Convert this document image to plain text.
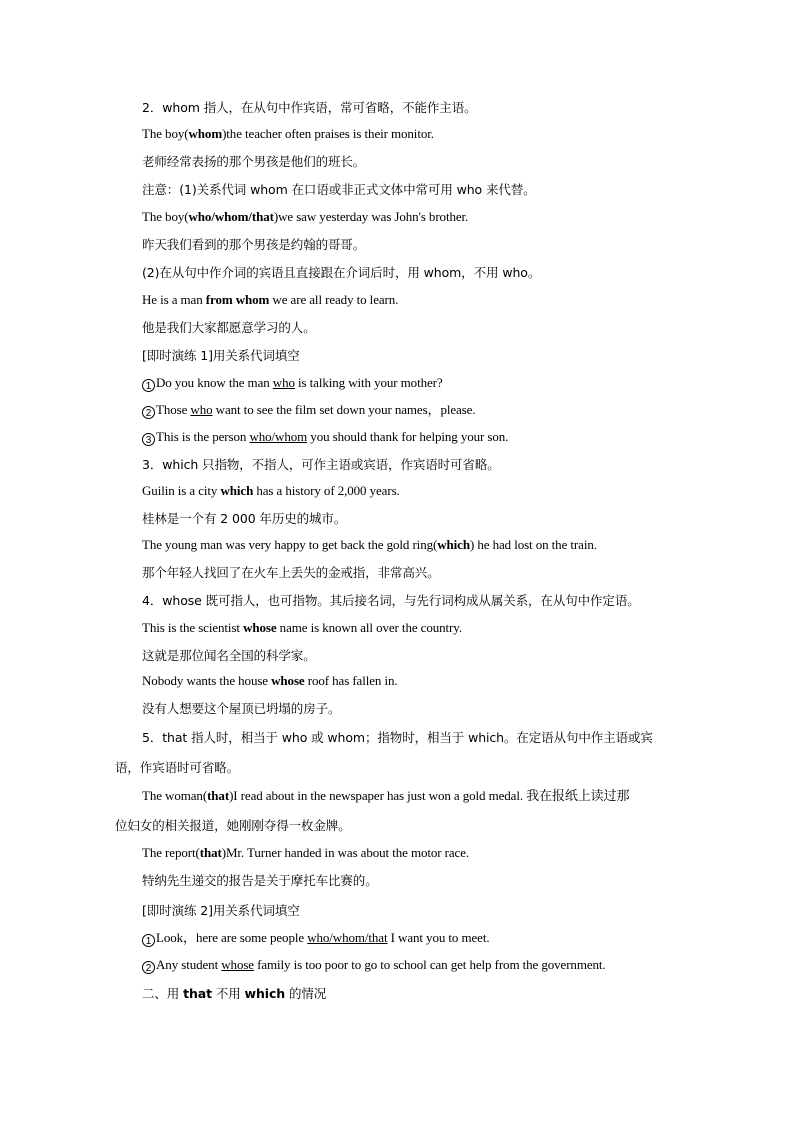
2．whom 指人，在从句中作宾语，常可省略，不能作主语。
The boy(whom)the teacher often praises is their monitor.
老师经常表扬的那个男孩是他们的班长。
注意：(1)关系代词 whom 在口语或非正式文体中常可用 who 来代替。
The boy(who/whom/that)we saw yesterday was John's brother.
昨天我们看到的那个男孩是约翰的哥哥。
(2)在从句中作介词的宾语且直接跟在介词后时，用 whom，不用 who。
He is a man from whom we are all ready to learn.
他是我们大家都愿意学习的人。
[即时演练 1]用关系代词填空
1 Do you know the man who is talking with your mother?
2 Those who want to see the film set down your names，please.
3 This is the person who/whom you should thank for helping your son.
3．which 只指物，不指人，可作主语或宾语，作宾语时可省略。
Guilin is a city which has a history of 2,000 years.
桂林是一个有 2 000 年历史的城市。
The young man was very happy to get back the gold ring(which) he had lost on the train.
那个年轻人找回了在火车上丢失的金戒指，非常高兴。
4．whose 既可指人，也可指物。其后接名词，与先行词构成从属关系，在从句中作定语。
This is the scientist whose name is known all over the country.
这就是那位闻名全国的科学家。
Nobody wants the house whose roof has fallen in.
没有人想要这个屋顶已坍塌的房子。
5．that 指人时，相当于 who 或 whom；指物时，相当于 which。在定语从句中作主语或宾
语，作宾语时可省略。
The woman(that)I read about in the newspaper has just won a gold medal. 我在报纸上读过那
位妇女的相关报道，她刚刚夺得一枚金牌。
The report(that)Mr. Turner handed in was about the motor race.
特纳先生递交的报告是关于摩托车比赛的。
[即时演练 2]用关系代词填空
1 Look，here are some people who/whom/that I want you to meet.
2 Any student whose family is too poor to go to school can get help from the government.
二、用 that 不用 which 的情况
